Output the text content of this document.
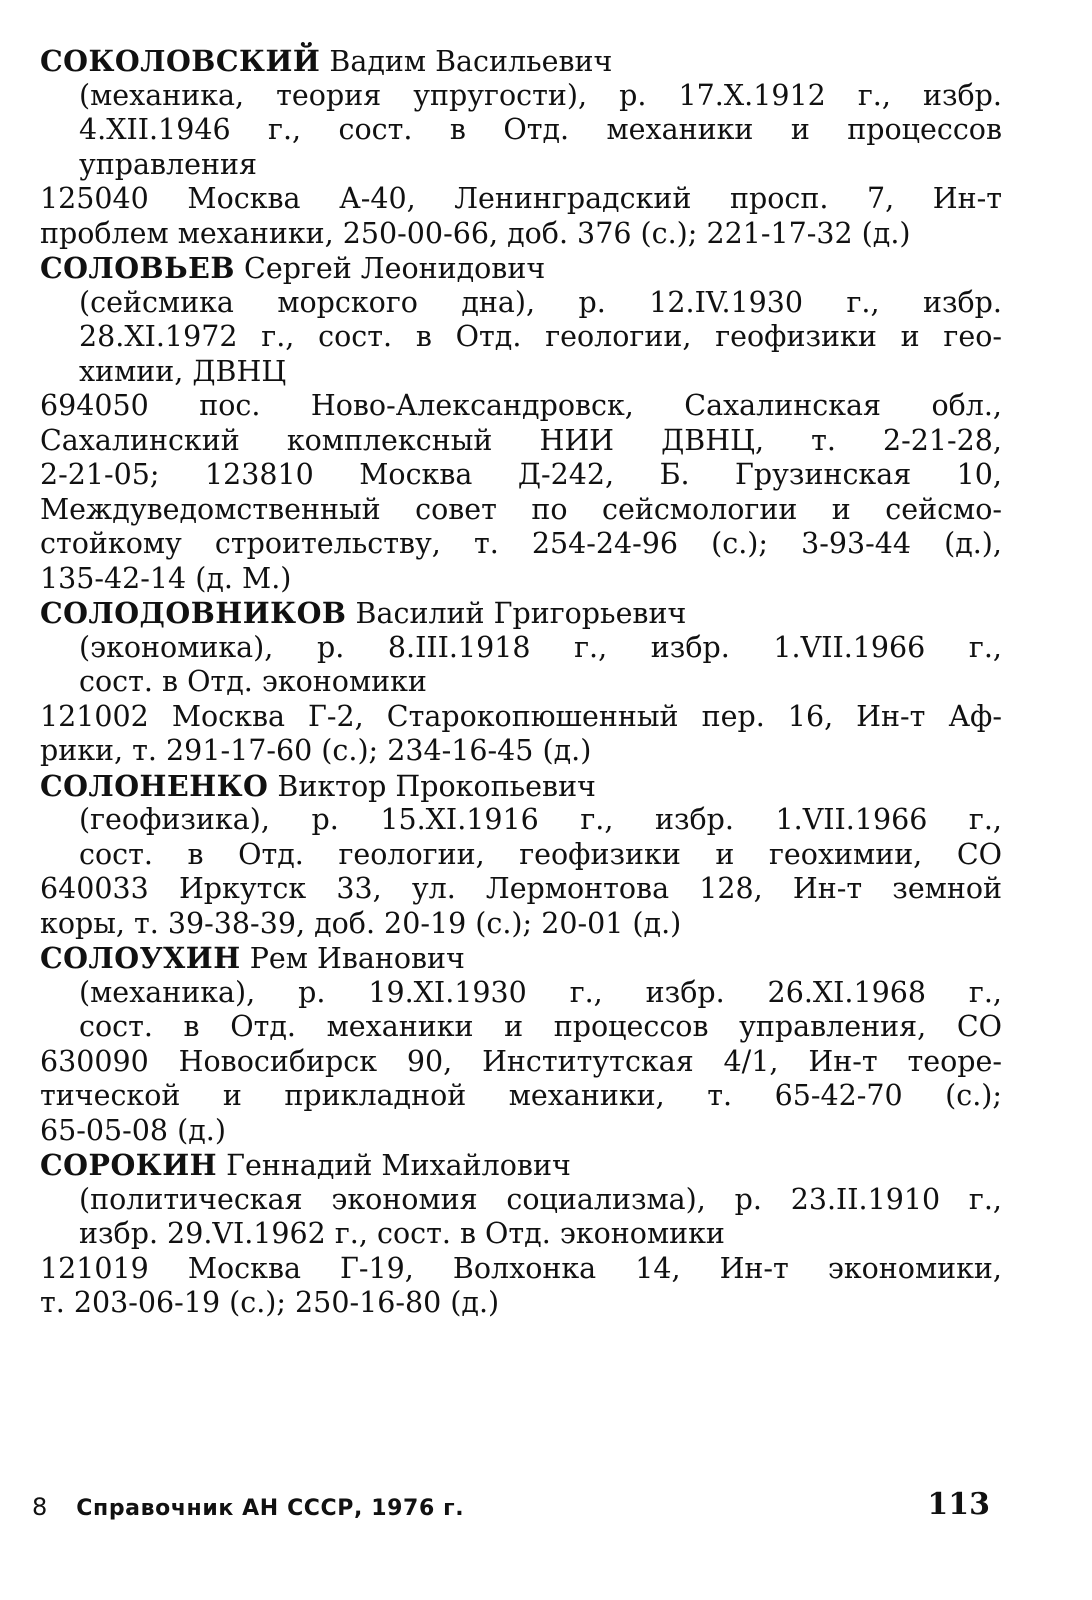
СОКОЛОВСКИЙ Вадим Васильевич
(механика, теория упругости), р. 17.X.1912 г., избр.
4.XII.1946 г., сост. в Отд. механики и процессов
управления
125040 Москва А-40, Ленинградский просп. 7, Ин-т
проблем механики, 250-00-66, доб. 376 (с.); 221-17-32 (д.)
СОЛОВЬЕВ Сергей Леонидович
(сейсмика морского дна), р. 12.IV.1930 г., избр.
28.XI.1972 г., сост. в Отд. геологии, геофизики и гео-
химии, ДВНЦ
694050 пос. Ново-Александровск, Сахалинская обл.,
Сахалинский комплексный НИИ ДВНЦ, т. 2-21-28,
2-21-05; 123810 Москва Д-242, Б. Грузинская 10,
Междуведомственный совет по сейсмологии и сейсмо-
стойкому строительству, т. 254-24-96 (с.); 3-93-44 (д.),
135-42-14 (д. М.)
СОЛОДОВНИКОВ Василий Григорьевич
(экономика), р. 8.III.1918 г., избр. 1.VII.1966 г.,
сост. в Отд. экономики
121002 Москва Г-2, Старокопюшенный пер. 16, Ин-т Аф-
рики, т. 291-17-60 (с.); 234-16-45 (д.)
СОЛОНЕНКО Виктор Прокопьевич
(геофизика), р. 15.XI.1916 г., избр. 1.VII.1966 г.,
сост. в Отд. геологии, геофизики и геохимии, СО
640033 Иркутск 33, ул. Лермонтова 128, Ин-т земной
коры, т. 39-38-39, доб. 20-19 (с.); 20-01 (д.)
СОЛОУХИН Рем Иванович
(механика), р. 19.XI.1930 г., избр. 26.XI.1968 г.,
сост. в Отд. механики и процессов управления, СО
630090 Новосибирск 90, Институтская 4/1, Ин-т теоре-
тической и прикладной механики, т. 65-42-70 (с.);
65-05-08 (д.)
СОРОКИН Геннадий Михайлович
(политическая экономия социализма), р. 23.II.1910 г.,
избр. 29.VI.1962 г., сост. в Отд. экономики
121019 Москва Г-19, Волхонка 14, Ин-т экономики,
т. 203-06-19 (с.); 250-16-80 (д.)
8 Справочник АН СССР, 1976 г.	113
